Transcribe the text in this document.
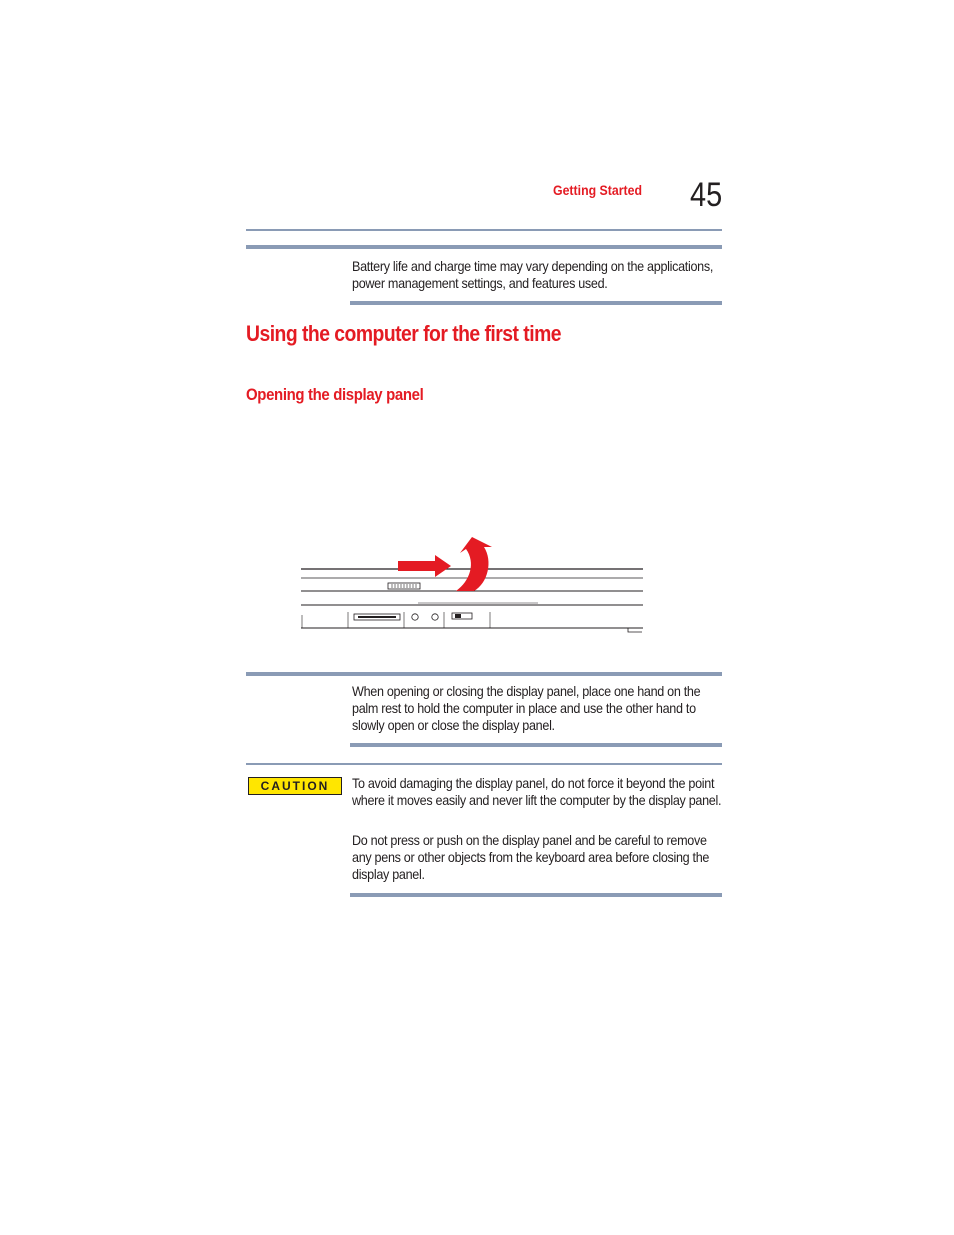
Getting Started 45
Battery life and charge time may vary depending on the applications, power management settings, and features used.
Using the computer for the first time
Opening the display panel
When opening or closing the display panel, place one hand on the palm rest to hold the computer in place and use the other hand to slowly open or close the display panel.
CAUTION To avoid damaging the display panel, do not force it beyond the point where it moves easily and never lift the computer by the display panel.
Do not press or push on the display panel and be careful to remove any pens or other objects from the keyboard area before closing the display panel.
